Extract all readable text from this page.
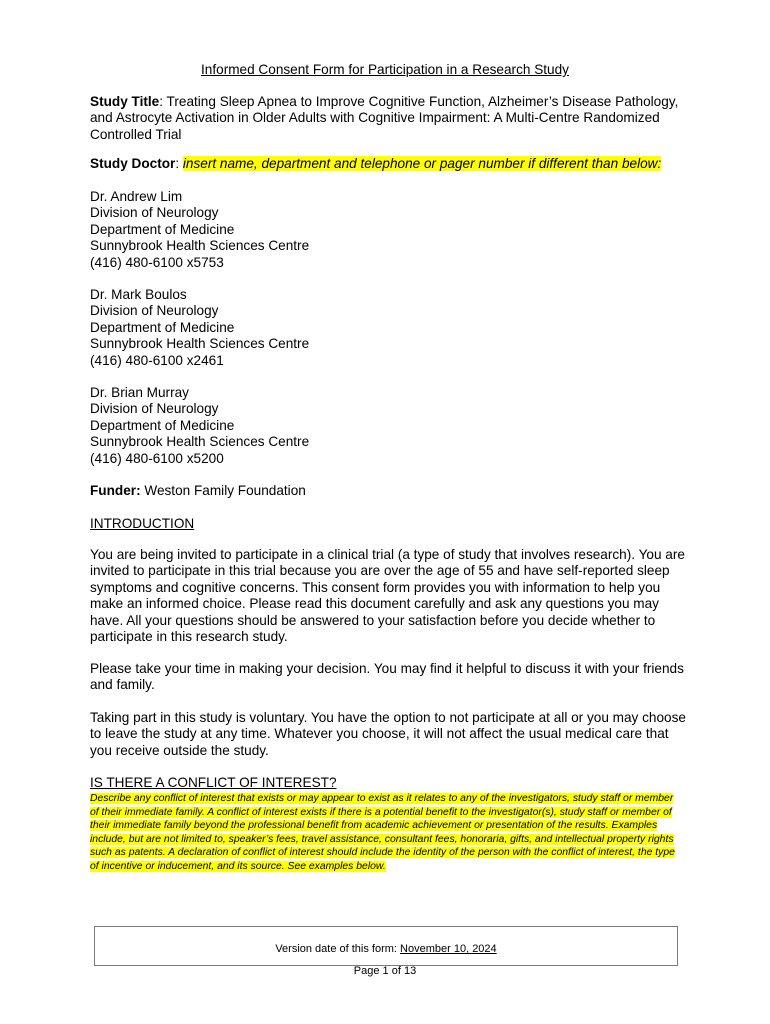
Informed Consent Form for Participation in a Research Study
Study Title: Treating Sleep Apnea to Improve Cognitive Function, Alzheimer’s Disease Pathology, and Astrocyte Activation in Older Adults with Cognitive Impairment: A Multi-Centre Randomized Controlled Trial
Study Doctor: insert name, department and telephone or pager number if different than below:
Dr. Andrew Lim
Division of Neurology
Department of Medicine
Sunnybrook Health Sciences Centre
(416) 480-6100 x5753
Dr. Mark Boulos
Division of Neurology
Department of Medicine
Sunnybrook Health Sciences Centre
(416) 480-6100 x2461
Dr. Brian Murray
Division of Neurology
Department of Medicine
Sunnybrook Health Sciences Centre
(416) 480-6100 x5200
Funder: Weston Family Foundation
INTRODUCTION
You are being invited to participate in a clinical trial (a type of study that involves research). You are invited to participate in this trial because you are over the age of 55 and have self-reported sleep symptoms and cognitive concerns. This consent form provides you with information to help you make an informed choice. Please read this document carefully and ask any questions you may have. All your questions should be answered to your satisfaction before you decide whether to participate in this research study.
Please take your time in making your decision. You may find it helpful to discuss it with your friends and family.
Taking part in this study is voluntary. You have the option to not participate at all or you may choose to leave the study at any time. Whatever you choose, it will not affect the usual medical care that you receive outside the study.
IS THERE A CONFLICT OF INTEREST?
Describe any conflict of interest that exists or may appear to exist as it relates to any of the investigators, study staff or member of their immediate family. A conflict of interest exists if there is a potential benefit to the investigator(s), study staff or member of their immediate family beyond the professional benefit from academic achievement or presentation of the results. Examples include, but are not limited to, speaker’s fees, travel assistance, consultant fees, honoraria, gifts, and intellectual property rights such as patents. A declaration of conflict of interest should include the identity of the person with the conflict of interest, the type of incentive or inducement, and its source. See examples below.
Version date of this form: November 10, 2024
Page 1 of 13
